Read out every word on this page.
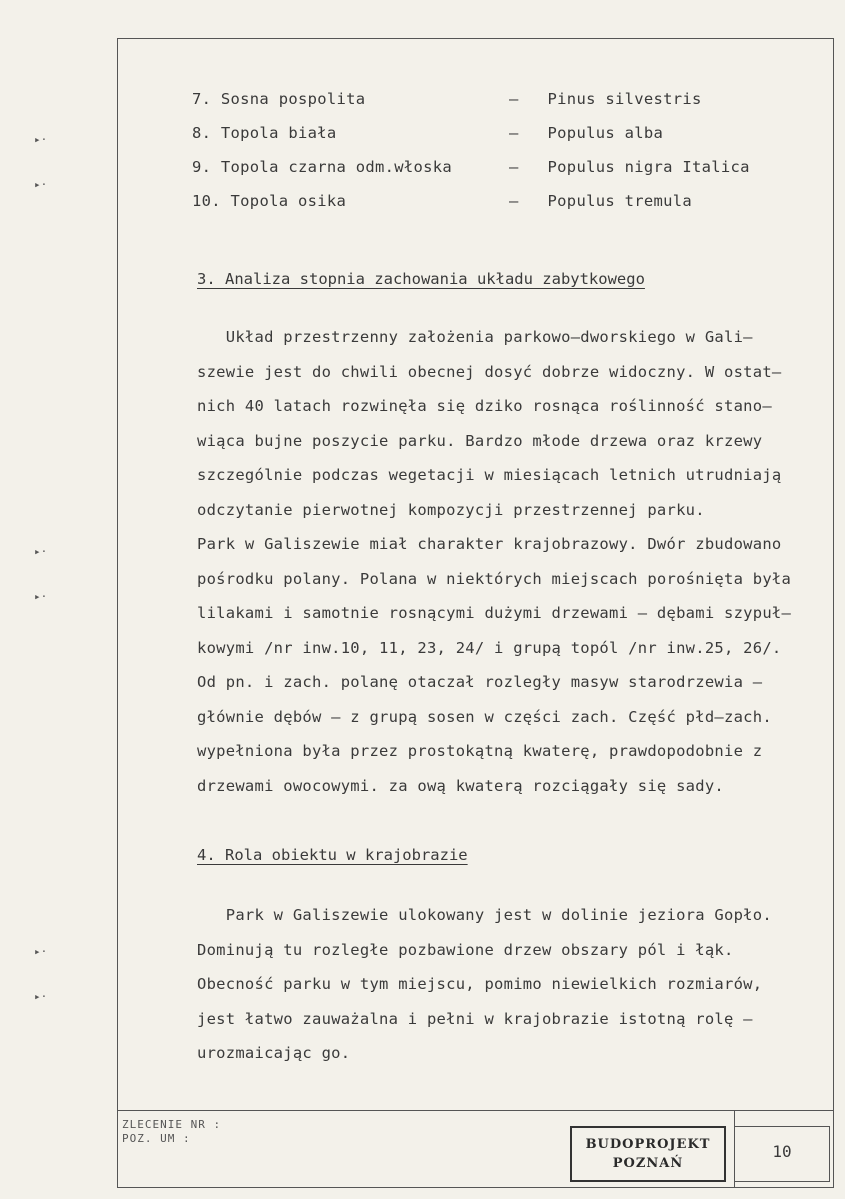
▸·
▸·
▸·
▸·
▸·
▸·
7. Sosna pospolita	– Pinus silvestris
8. Topola biała	– Populus alba
9. Topola czarna odm.włoska	– Populus nigra Italica
10. Topola osika	– Populus tremula
3. Analiza stopnia zachowania układu zabytkowego
Układ przestrzenny założenia parkowo–dworskiego w Gali–
szewie jest do chwili obecnej dosyć dobrze widoczny. W ostat–
nich 40 latach rozwinęła się dziko rosnąca roślinność stano–
wiąca bujne poszycie parku. Bardzo młode drzewa oraz krzewy
szczególnie podczas wegetacji w miesiącach letnich utrudniają
odczytanie pierwotnej kompozycji przestrzennej parku.
Park w Galiszewie miał charakter krajobrazowy. Dwór zbudowano
pośrodku polany. Polana w niektórych miejscach porośnięta była
lilakami i samotnie rosnącymi dużymi drzewami – dębami szypuł–
kowymi /nr inw.10, 11, 23, 24/ i grupą topól /nr inw.25, 26/.
Od pn. i zach. polanę otaczał rozległy masyw starodrzewia –
głównie dębów – z grupą sosen w części zach. Część płd–zach.
wypełniona była przez prostokątną kwaterę, prawdopodobnie z
drzewami owocowymi. za ową kwaterą rozciągały się sady.
4. Rola obiektu w krajobrazie
Park w Galiszewie ulokowany jest w dolinie jeziora Gopło.
Dominują tu rozległe pozbawione drzew obszary pól i łąk.
Obecność parku w tym miejscu, pomimo niewielkich rozmiarów,
jest łatwo zauważalna i pełni w krajobrazie istotną rolę –
urozmaicając go.
ZLECENIE NR :
POZ. UM :	BUDOPROJEKT
POZNAŃ
10
